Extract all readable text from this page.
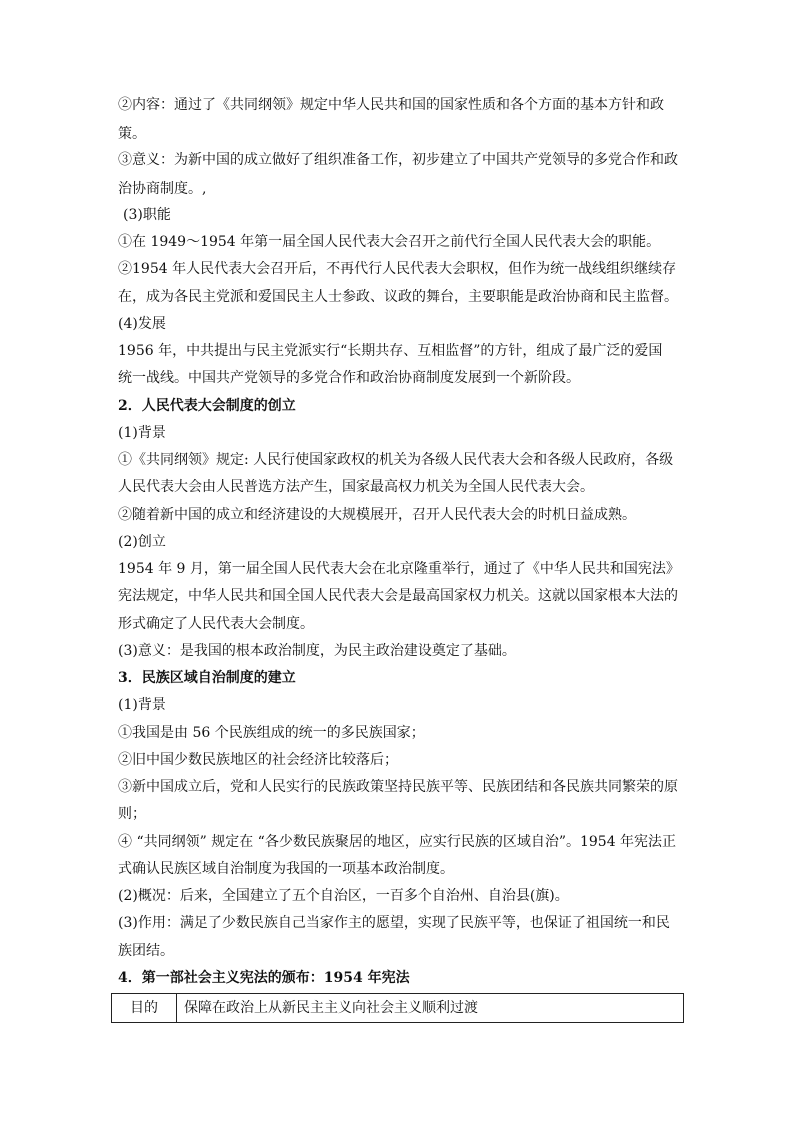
②内容：通过了《共同纲领》规定中华人民共和国的国家性质和各个方面的基本方针和政
策。
③意义：为新中国的成立做好了组织准备工作，初步建立了中国共产党领导的多党合作和政
治协商制度。,
(3)职能
①在 1949～1954 年第一届全国人民代表大会召开之前代行全国人民代表大会的职能。
②1954 年人民代表大会召开后，不再代行人民代表大会职权，但作为统一战线组织继续存
在，成为各民主党派和爱国民主人士参政、议政的舞台，主要职能是政治协商和民主监督。
(4)发展
1956 年，中共提出与民主党派实行“长期共存、互相监督”的方针，组成了最广泛的爱国
统一战线。中国共产党领导的多党合作和政治协商制度发展到一个新阶段。
2．人民代表大会制度的创立
(1)背景
①《共同纲领》规定: 人民行使国家政权的机关为各级人民代表大会和各级人民政府，各级
人民代表大会由人民普选方法产生，国家最高权力机关为全国人民代表大会。
②随着新中国的成立和经济建设的大规模展开，召开人民代表大会的时机日益成熟。
(2)创立
1954 年 9 月，第一届全国人民代表大会在北京隆重举行，通过了《中华人民共和国宪法》
宪法规定，中华人民共和国全国人民代表大会是最高国家权力机关。这就以国家根本大法的
形式确定了人民代表大会制度。
(3)意义：是我国的根本政治制度，为民主政治建设奠定了基础。
3．民族区域自治制度的建立
(1)背景
①我国是由 56 个民族组成的统一的多民族国家；
②旧中国少数民族地区的社会经济比较落后；
③新中国成立后，党和人民实行的民族政策坚持民族平等、民族团结和各民族共同繁荣的原
则；
④ “共同纲领” 规定在 “各少数民族聚居的地区，应实行民族的区域自治”。1954 年宪法正
式确认民族区域自治制度为我国的一项基本政治制度。
(2)概况：后来，全国建立了五个自治区，一百多个自治州、自治县(旗)。
(3)作用：满足了少数民族自己当家作主的愿望，实现了民族平等，也保证了祖国统一和民
族团结。
4．第一部社会主义宪法的颁布：1954 年宪法
目的 保障在政治上从新民主主义向社会主义顺利过渡
